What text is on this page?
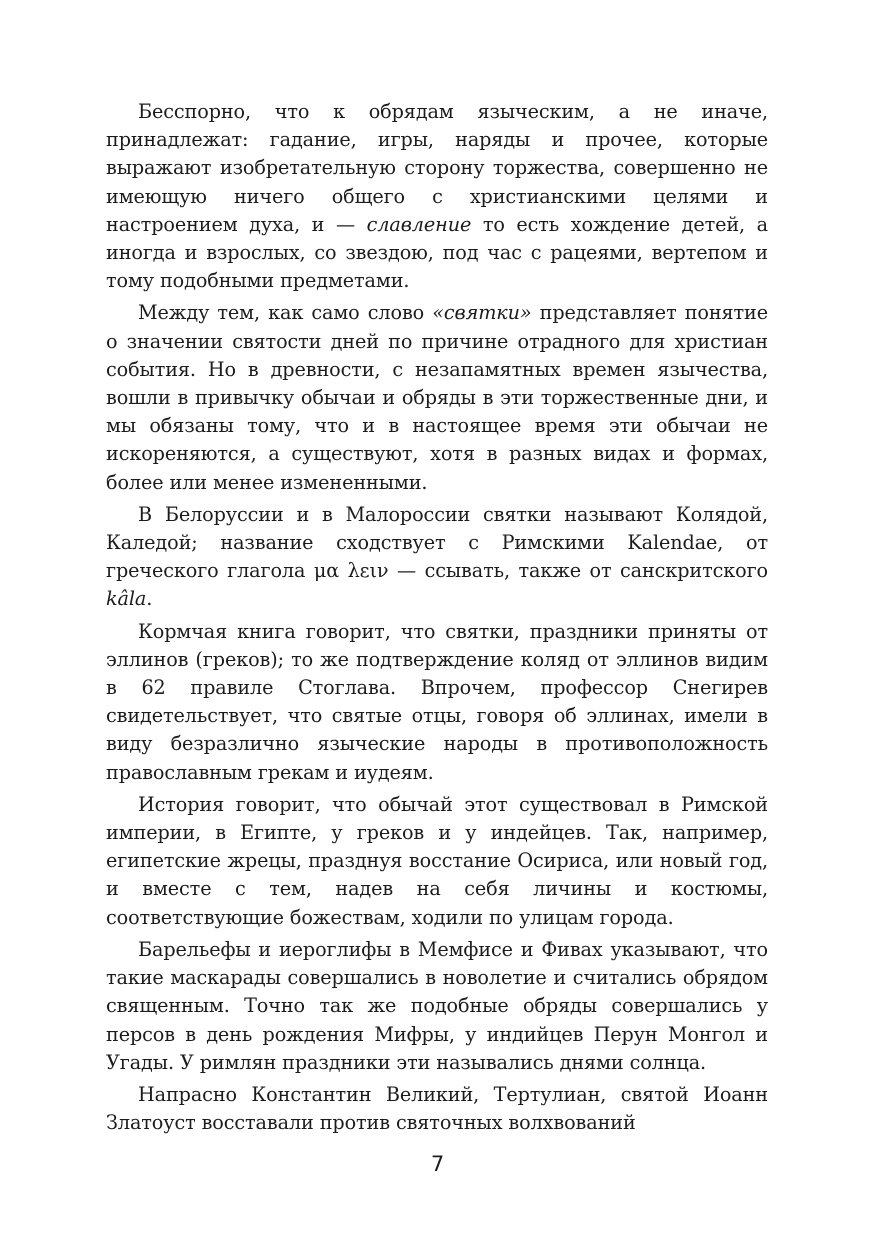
Бесспорно, что к обрядам языческим, а не иначе, принадлежат: гадание, игры, наряды и прочее, которые выражают изобретательную сторону торжества, совершенно не имеющую ничего общего с христианскими целями и настроением духа, и — славление то есть хождение детей, а иногда и взрослых, со звездою, под час с рацеями, вертепом и тому подобными предметами.

Между тем, как само слово «святки» представляет понятие о значении святости дней по причине отрадного для христиан события. Но в древности, с незапамятных времен язычества, вошли в привычку обычаи и обряды в эти торжественные дни, и мы обязаны тому, что и в настоящее время эти обычаи не искореняются, а существуют, хотя в разных видах и формах, более или менее измененными.

В Белоруссии и в Малороссии святки называют Колядой, Каледой; название сходствует с Римскими Kalendae, от греческого глагола μα λειν — ссывать, также от санскритского kâla.

Кормчая книга говорит, что святки, праздники приняты от эллинов (греков); то же подтверждение коляд от эллинов видим в 62 правиле Стоглава. Впрочем, профессор Снегирев свидетельствует, что святые отцы, говоря об эллинах, имели в виду безразлично языческие народы в противоположность православным грекам и иудеям.

История говорит, что обычай этот существовал в Римской империи, в Египте, у греков и у индейцев. Так, например, египетские жрецы, празднуя восстание Осириса, или новый год, и вместе с тем, надев на себя личины и костюмы, соответствующие божествам, ходили по улицам города.

Барельефы и иероглифы в Мемфисе и Фивах указывают, что такие маскарады совершались в новолетие и считались обрядом священным. Точно так же подобные обряды совершались у персов в день рождения Мифры, у индийцев Перун Монгол и Угады. У римлян праздники эти назывались днями солнца.

Напрасно Константин Великий, Тертулиан, святой Иоанн Златоуст восставали против святочных волхвований

7
